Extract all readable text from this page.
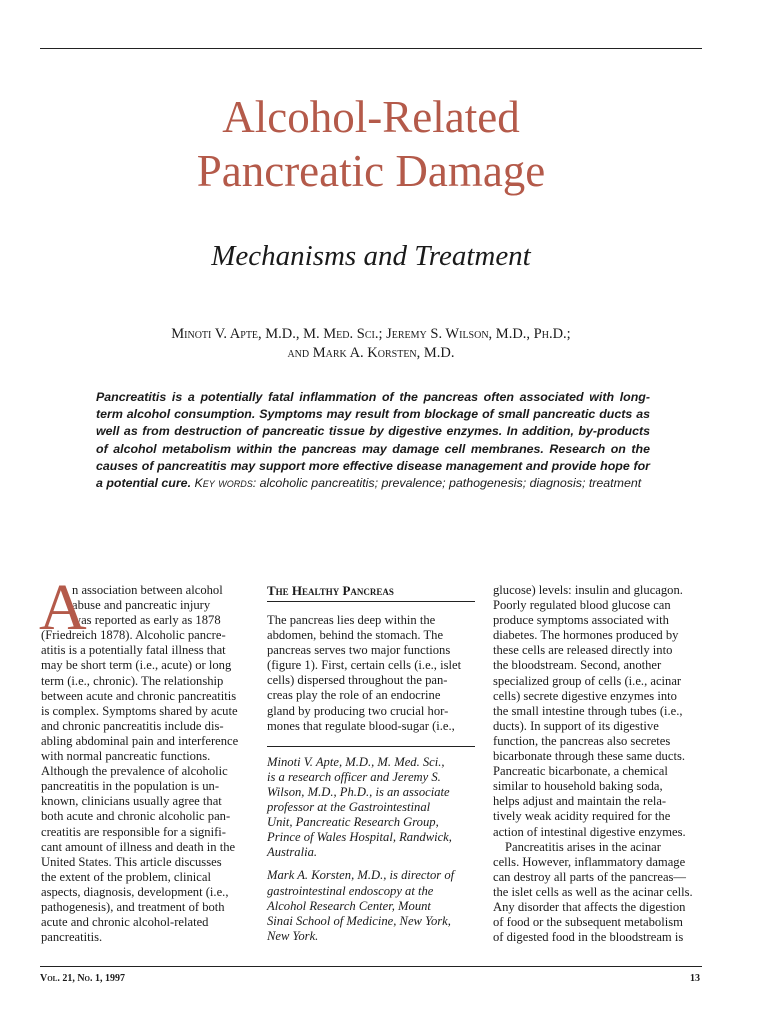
Alcohol-Related
Pancreatic Damage
Mechanisms and Treatment
Minoti V. Apte, M.D., M. Med. Sci.; Jeremy S. Wilson, M.D., Ph.D.;
and Mark A. Korsten, M.D.
Pancreatitis is a potentially fatal inflammation of the pancreas often associated with long-term alcohol consumption. Symptoms may result from blockage of small pancreatic ducts as well as from destruction of pancreatic tissue by digestive enzymes. In addition, by-products of alcohol metabolism within the pancreas may damage cell membranes. Research on the causes of pancreatitis may support more effective disease management and provide hope for a potential cure. Key words: alcoholic pancreatitis; prevalence; pathogenesis; diagnosis; treatment
A
n association between alcohol
abuse and pancreatic injury
was reported as early as 1878
(Friedreich 1878). Alcoholic pancre-
atitis is a potentially fatal illness that
may be short term (i.e., acute) or long
term (i.e., chronic). The relationship
between acute and chronic pancreatitis
is complex. Symptoms shared by acute
and chronic pancreatitis include dis-
abling abdominal pain and interference
with normal pancreatic functions.
Although the prevalence of alcoholic
pancreatitis in the population is un-
known, clinicians usually agree that
both acute and chronic alcoholic pan-
creatitis are responsible for a signifi-
cant amount of illness and death in the
United States. This article discusses
the extent of the problem, clinical
aspects, diagnosis, development (i.e.,
pathogenesis), and treatment of both
acute and chronic alcohol-related
pancreatitis.
The Healthy Pancreas
The pancreas lies deep within the
abdomen, behind the stomach. The
pancreas serves two major functions
(figure 1). First, certain cells (i.e., islet
cells) dispersed throughout the pan-
creas play the role of an endocrine
gland by producing two crucial hor-
mones that regulate blood-sugar (i.e.,
Minoti V. Apte, M.D., M. Med. Sci.,
is a research officer and Jeremy S.
Wilson, M.D., Ph.D., is an associate
professor at the Gastrointestinal
Unit, Pancreatic Research Group,
Prince of Wales Hospital, Randwick,
Australia.
Mark A. Korsten, M.D., is director of
gastrointestinal endoscopy at the
Alcohol Research Center, Mount
Sinai School of Medicine, New York,
New York.
glucose) levels: insulin and glucagon.
Poorly regulated blood glucose can
produce symptoms associated with
diabetes. The hormones produced by
these cells are released directly into
the bloodstream. Second, another
specialized group of cells (i.e., acinar
cells) secrete digestive enzymes into
the small intestine through tubes (i.e.,
ducts). In support of its digestive
function, the pancreas also secretes
bicarbonate through these same ducts.
Pancreatic bicarbonate, a chemical
similar to household baking soda,
helps adjust and maintain the rela-
tively weak acidity required for the
action of intestinal digestive enzymes.
Pancreatitis arises in the acinar
cells. However, inflammatory damage
can destroy all parts of the pancreas—
the islet cells as well as the acinar cells.
Any disorder that affects the digestion
of food or the subsequent metabolism
of digested food in the bloodstream is
Vol. 21, No. 1, 1997	13
